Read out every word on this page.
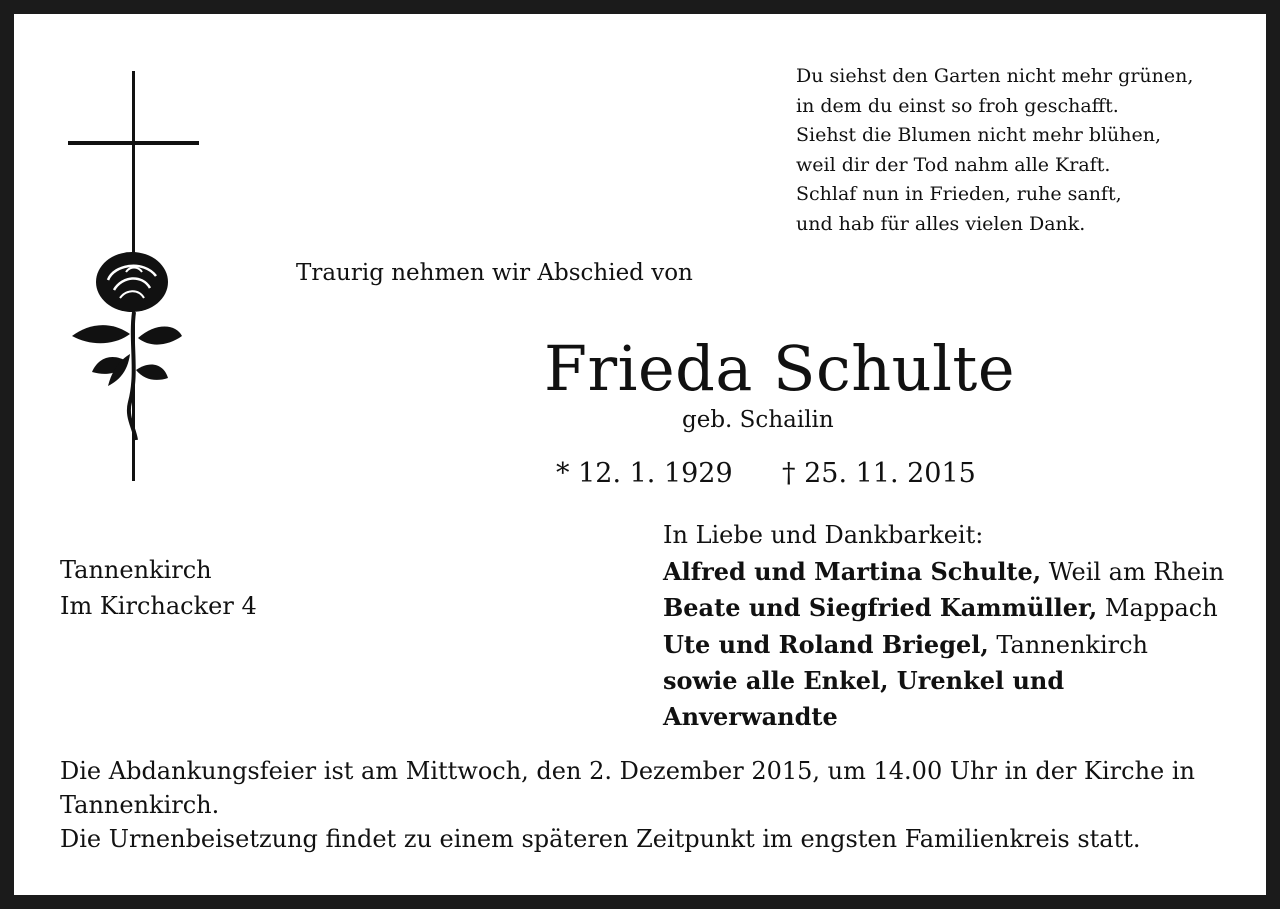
Du siehst den Garten nicht mehr grünen,
in dem du einst so froh geschafft.
Siehst die Blumen nicht mehr blühen,
weil dir der Tod nahm alle Kraft.
Schlaf nun in Frieden, ruhe sanft,
und hab für alles vielen Dank.
Traurig nehmen wir Abschied von
Frieda Schulte
geb. Schailin
* 12. 1. 1929 † 25. 11. 2015
Tannenkirch
Im Kirchacker 4
In Liebe und Dankbarkeit:
Alfred und Martina Schulte, Weil am Rhein
Beate und Siegfried Kammüller, Mappach
Ute und Roland Briegel, Tannenkirch
sowie alle Enkel, Urenkel und
Anverwandte
Die Abdankungsfeier ist am Mittwoch, den 2. Dezember 2015, um 14.00 Uhr in der Kirche in Tannenkirch.
Die Urnenbeisetzung findet zu einem späteren Zeitpunkt im engsten Familienkreis statt.
